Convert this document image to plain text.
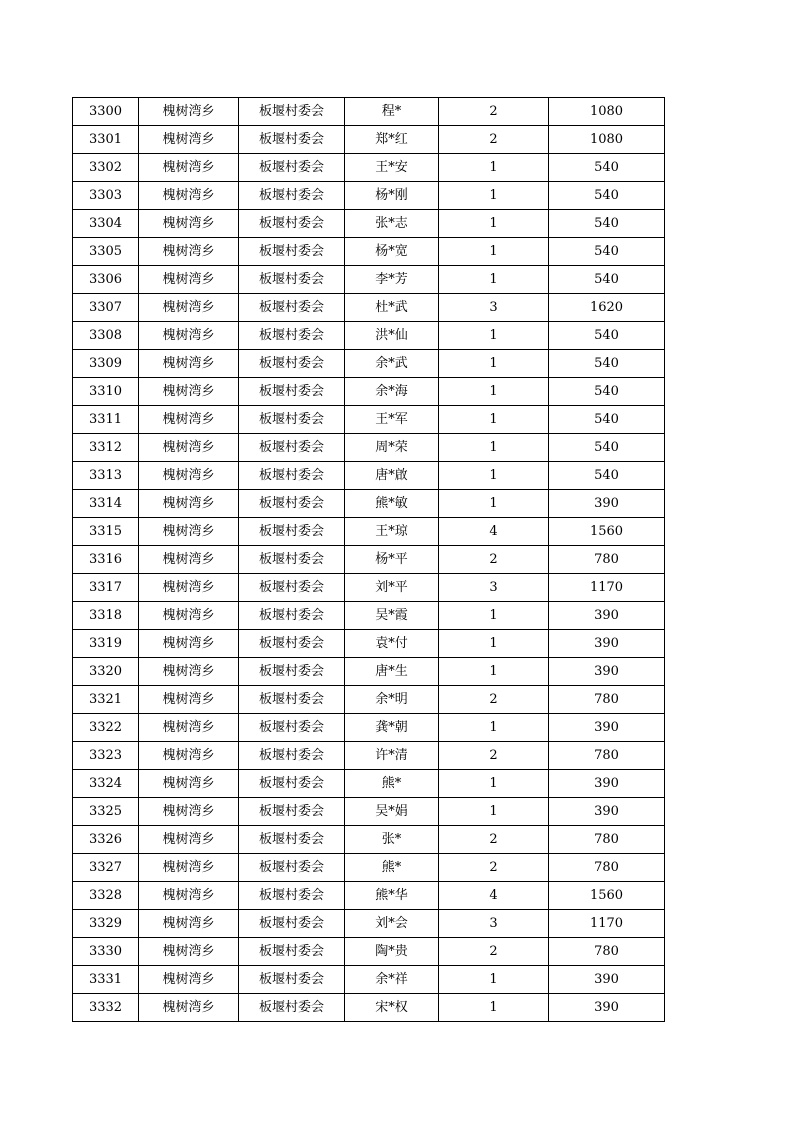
3300	槐树湾乡	板堰村委会	程*	2	1080
3301	槐树湾乡	板堰村委会	郑*红	2	1080
3302	槐树湾乡	板堰村委会	王*安	1	540
3303	槐树湾乡	板堰村委会	杨*刚	1	540
3304	槐树湾乡	板堰村委会	张*志	1	540
3305	槐树湾乡	板堰村委会	杨*宽	1	540
3306	槐树湾乡	板堰村委会	李*芳	1	540
3307	槐树湾乡	板堰村委会	杜*武	3	1620
3308	槐树湾乡	板堰村委会	洪*仙	1	540
3309	槐树湾乡	板堰村委会	余*武	1	540
3310	槐树湾乡	板堰村委会	余*海	1	540
3311	槐树湾乡	板堰村委会	王*军	1	540
3312	槐树湾乡	板堰村委会	周*荣	1	540
3313	槐树湾乡	板堰村委会	唐*啟	1	540
3314	槐树湾乡	板堰村委会	熊*敏	1	390
3315	槐树湾乡	板堰村委会	王*琼	4	1560
3316	槐树湾乡	板堰村委会	杨*平	2	780
3317	槐树湾乡	板堰村委会	刘*平	3	1170
3318	槐树湾乡	板堰村委会	吴*霞	1	390
3319	槐树湾乡	板堰村委会	袁*付	1	390
3320	槐树湾乡	板堰村委会	唐*生	1	390
3321	槐树湾乡	板堰村委会	余*明	2	780
3322	槐树湾乡	板堰村委会	龚*朝	1	390
3323	槐树湾乡	板堰村委会	许*清	2	780
3324	槐树湾乡	板堰村委会	熊*	1	390
3325	槐树湾乡	板堰村委会	吴*娟	1	390
3326	槐树湾乡	板堰村委会	张*	2	780
3327	槐树湾乡	板堰村委会	熊*	2	780
3328	槐树湾乡	板堰村委会	熊*华	4	1560
3329	槐树湾乡	板堰村委会	刘*会	3	1170
3330	槐树湾乡	板堰村委会	陶*贵	2	780
3331	槐树湾乡	板堰村委会	余*祥	1	390
3332	槐树湾乡	板堰村委会	宋*权	1	390
